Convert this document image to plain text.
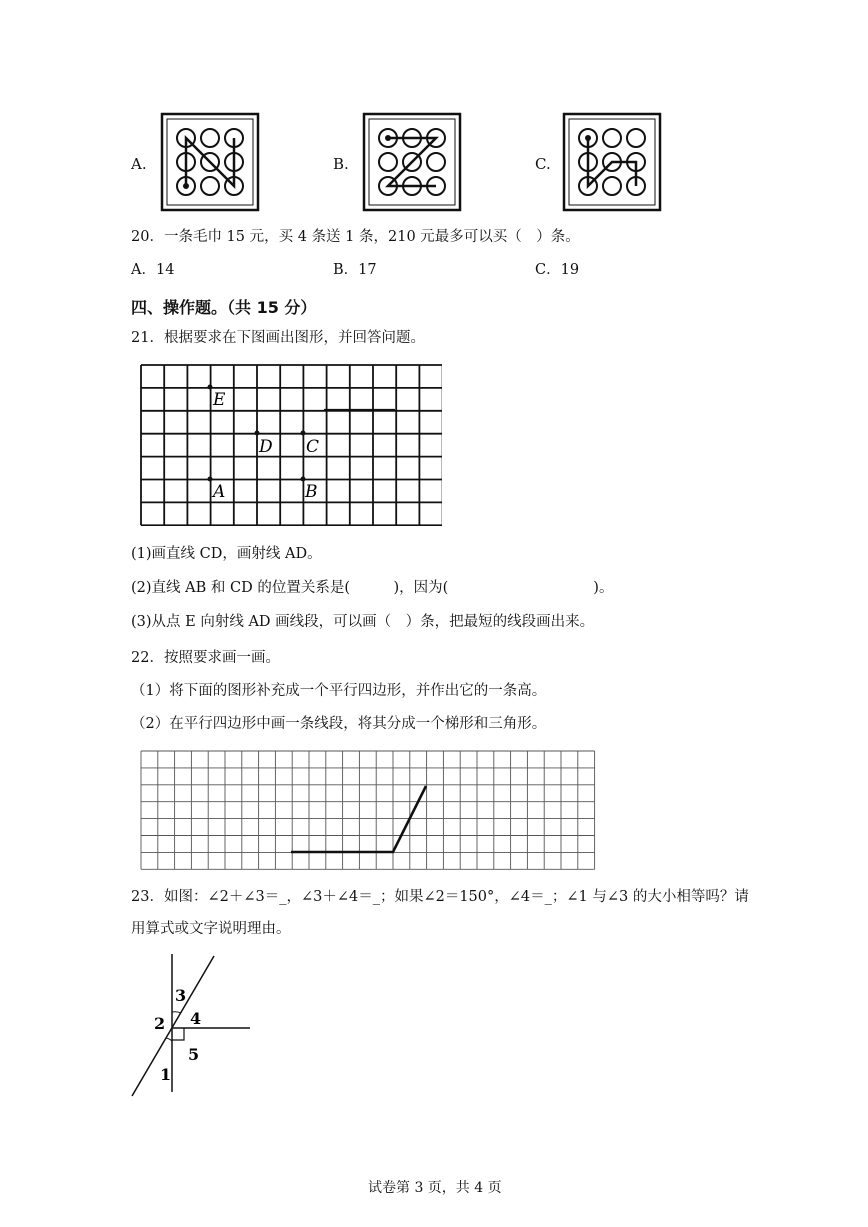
A.	B.	C.
20．一条毛巾 15 元，买 4 条送 1 条，210 元最多可以买（　）条。
A．14	B．17	C．19
四、操作题。（共 15 分）
21．根据要求在下图画出图形，并回答问题。
E
D C
A	B
(1)画直线 CD，画射线 AD。
(2)直线 AB 和 CD 的位置关系是(　　　)，因为(　　　　　　　　　　)。
(3)从点 E 向射线 AD 画线段，可以画（　）条，把最短的线段画出来。
22．按照要求画一画。
（1）将下面的图形补充成一个平行四边形，并作出它的一条高。
（2）在平行四边形中画一条线段，将其分成一个梯形和三角形。
23．如图：∠2＋∠3＝_，∠3＋∠4＝_；如果∠2＝150°，∠4＝_；∠1 与∠3 的大小相等吗？请
用算式或文字说明理由。
1
2
3
4
5
试卷第 3 页，共 4 页
